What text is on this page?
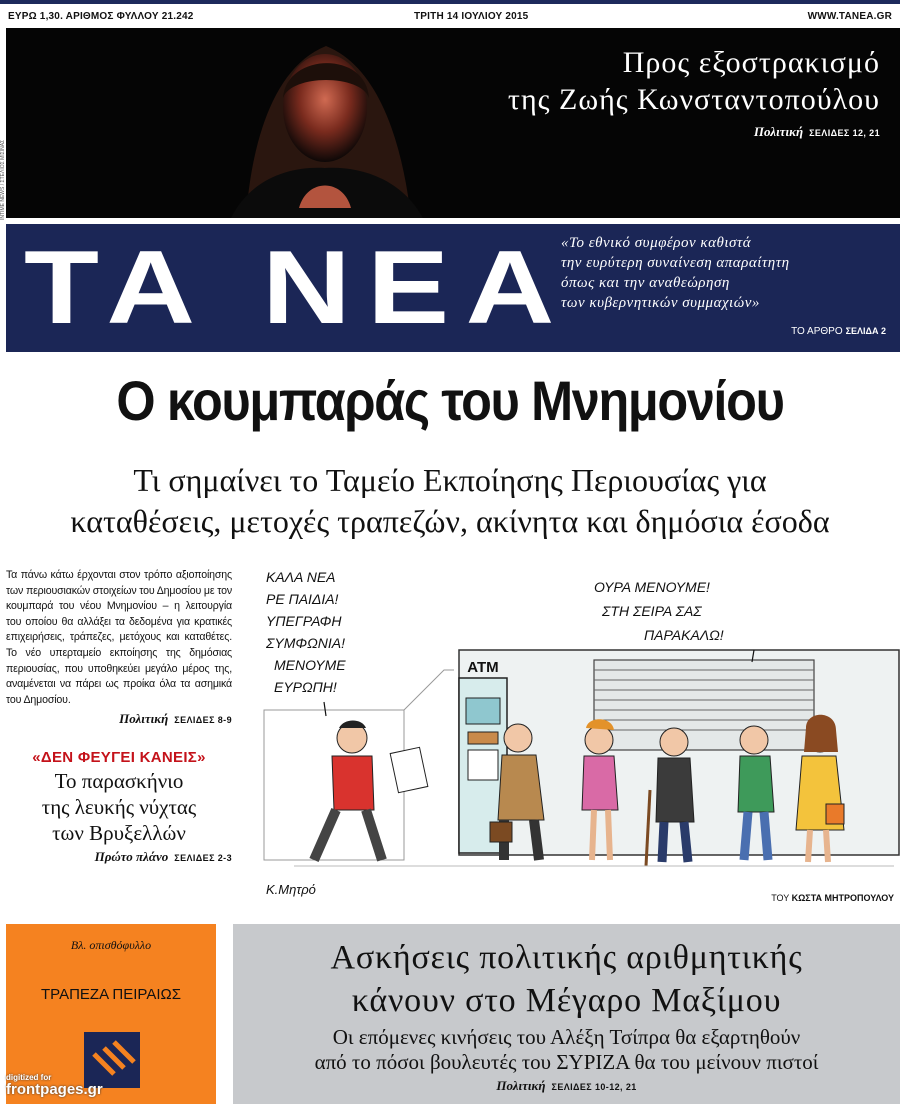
ΕΥΡΩ 1,30. ΑΡΙΘΜΟΣ ΦΥΛΛΟΥ 21.242	ΤΡΙΤΗ 14 ΙΟΥΛΙΟΥ 2015	WWW.TANEA.GR
INTIME NEWS / ΣΤΕΛΙΟΣ ΜΙΣΙΝΑΣ
Προς εξοστρακισμό
της Ζωής Κωνσταντοπούλου
Πολιτική ΣΕΛΙΔΕΣ 12, 21
ΤΑ ΝΕΑ
«Το εθνικό συμφέρον καθιστά
την ευρύτερη συναίνεση απαραίτητη
όπως και την αναθεώρηση
των κυβερνητικών συμμαχιών»
ΤΟ ΑΡΘΡΟ ΣΕΛΙΔΑ 2
Ο κουμπαράς του Μνημονίου
Τι σημαίνει το Ταμείο Εκποίησης Περιουσίας για
καταθέσεις, μετοχές τραπεζών, ακίνητα και δημόσια έσοδα

Τα πάνω κάτω έρχονται στον τρόπο αξιοποίησης των περιουσιακών στοιχείων του Δημοσίου με τον κουμπαρά του νέου Μνημονίου – η λειτουργία του οποίου θα αλλάξει τα δεδομένα για κρατικές επιχειρήσεις, τράπεζες, μετόχους και καταθέτες. Το νέο υπερταμείο εκποίησης της δημόσιας περιουσίας, που υποθηκεύει μεγάλο μέρος της, αναμένεται να πάρει ως προίκα όλα τα ασημικά του Δημοσίου.

Πολιτική ΣΕΛΙΔΕΣ 8-9
«ΔΕΝ ΦΕΥΓΕΙ ΚΑΝΕΙΣ»
Το παρασκήνιο
της λευκής νύχτας
των Βρυξελλών
Πρώτο πλάνο ΣΕΛΙΔΕΣ 2-3
ATM
ΚΑΛΑ ΝΕΑ
ΡΕ ΠΑΙΔΙΑ!
ΥΠΕΓΡΑΦΗ
ΣΥΜΦΩΝΙΑ!
ΜΕΝΟΥΜΕ
ΕΥΡΩΠΗ!
ΟΥΡΑ ΜΕΝΟΥΜΕ!
ΣΤΗ ΣΕΙΡΑ ΣΑΣ
ΠΑΡΑΚΑΛΩ!
Κ.Μητρό
ΤΟΥ ΚΩΣΤΑ ΜΗΤΡΟΠΟΥΛΟΥ
Βλ. οπισθόφυλλο
ΤΡΑΠΕΖΑ ΠΕΙΡΑΙΩΣ
Ασκήσεις πολιτικής αριθμητικής
κάνουν στο Μέγαρο Μαξίμου
Οι επόμενες κινήσεις του Αλέξη Τσίπρα θα εξαρτηθούν
από το πόσοι βουλευτές του ΣΥΡΙΖΑ θα του μείνουν πιστοί
Πολιτική ΣΕΛΙΔΕΣ 10-12, 21
digitized for
frontpages.gr
